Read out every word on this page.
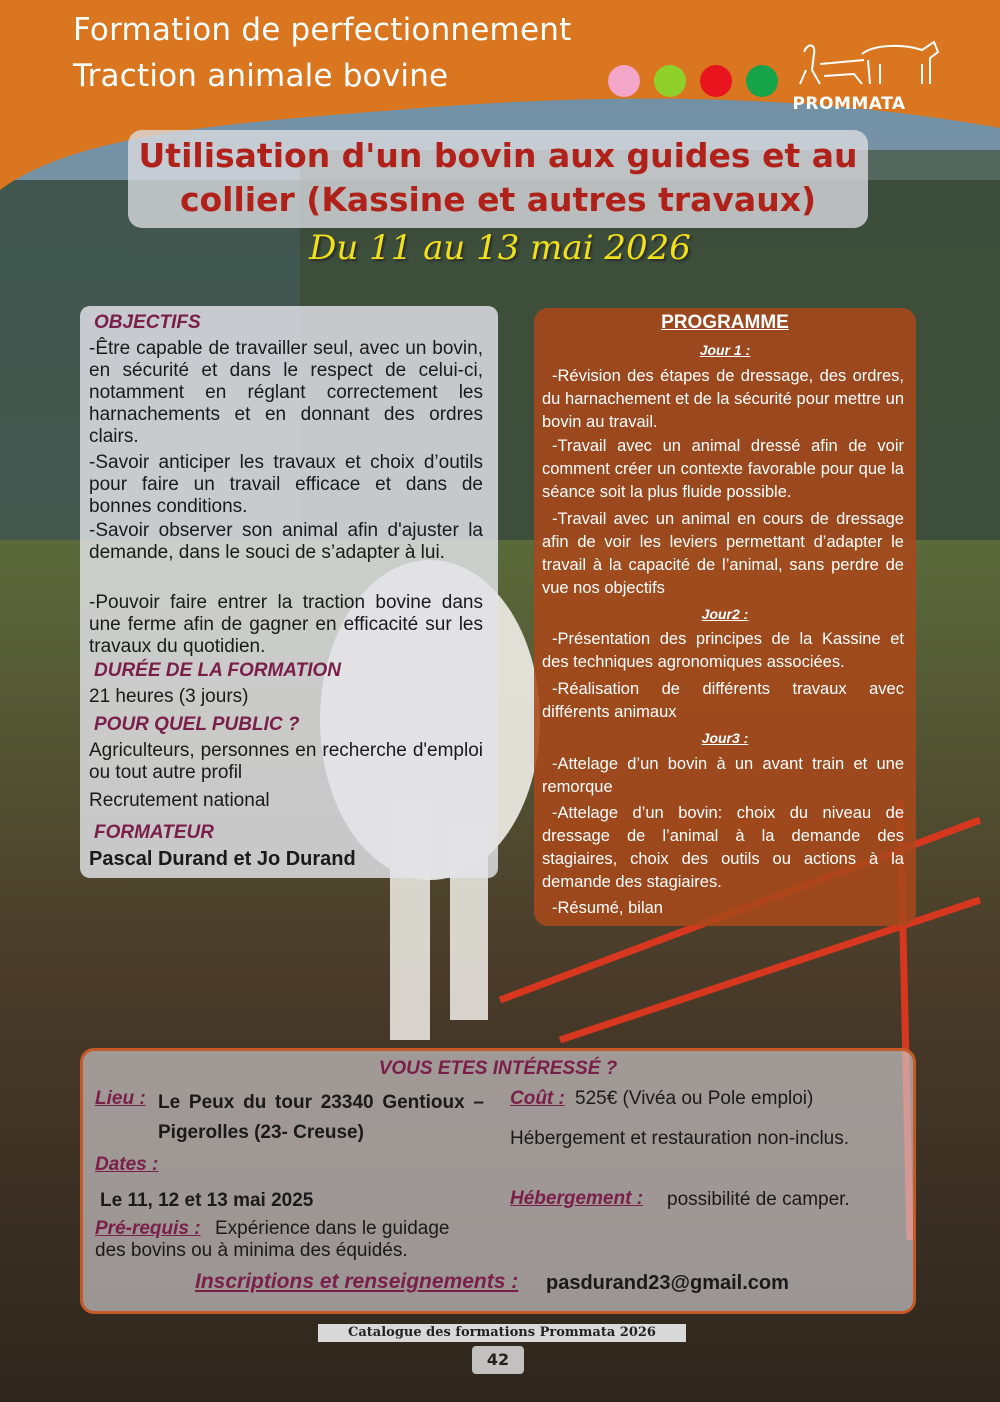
Formation de perfectionnement
Traction animale bovine
PROMMATA
Utilisation d'un bovin aux guides et au
collier (Kassine et autres travaux)
Du 11 au 13 mai 2026
OBJECTIFS
-Être capable de travailler seul, avec un bovin, en sécurité et dans le respect de celui-ci, notamment en réglant correctement les harnachements et en donnant des ordres clairs.
-Savoir anticiper les travaux et choix d’outils pour faire un travail efficace et dans de bonnes conditions.
-Savoir observer son animal afin d'ajuster la demande, dans le souci de s’adapter à lui.
-Pouvoir faire entrer la traction bovine dans une ferme afin de gagner en efficacité sur les travaux du quotidien.
DURÉE DE LA FORMATION
21 heures (3 jours)
POUR QUEL PUBLIC ?
Agriculteurs, personnes en recherche d'emploi ou tout autre profil
Recrutement national
FORMATEUR
Pascal Durand et Jo Durand
PROGRAMME
Jour 1 :
-Révision des étapes de dressage, des ordres, du harnachement et de la sécurité pour mettre un bovin au travail.
-Travail avec un animal dressé afin de voir comment créer un contexte favorable pour que la séance soit la plus fluide possible.
-Travail avec un animal en cours de dressage afin de voir les leviers permettant d’adapter le travail à la capacité de l’animal, sans perdre de vue nos objectifs
Jour2 :
-Présentation des principes de la Kassine et des techniques agronomiques associées.
-Réalisation de différents travaux avec différents animaux
Jour3 :
-Attelage d’un bovin à un avant train et une remorque
-Attelage d’un bovin: choix du niveau de dressage de l’animal à la demande des stagiaires, choix des outils ou actions à la demande des stagiaires.
-Résumé, bilan
VOUS ETES INTÉRESSÉ ?
Lieu : Le Peux du tour 23340 Gentioux –Pigerolles (23- Creuse)
Dates :
Le 11, 12 et 13 mai 2025
Pré-requis : Expérience dans le guidage des bovins ou à minima des équidés.
Coût : 525€ (Vivéa ou Pole emploi)
Hébergement et restauration non-inclus.
Hébergement : possibilité de camper.
Inscriptions et renseignements : pasdurand23@gmail.com
Catalogue des formations Prommata 2026
42
